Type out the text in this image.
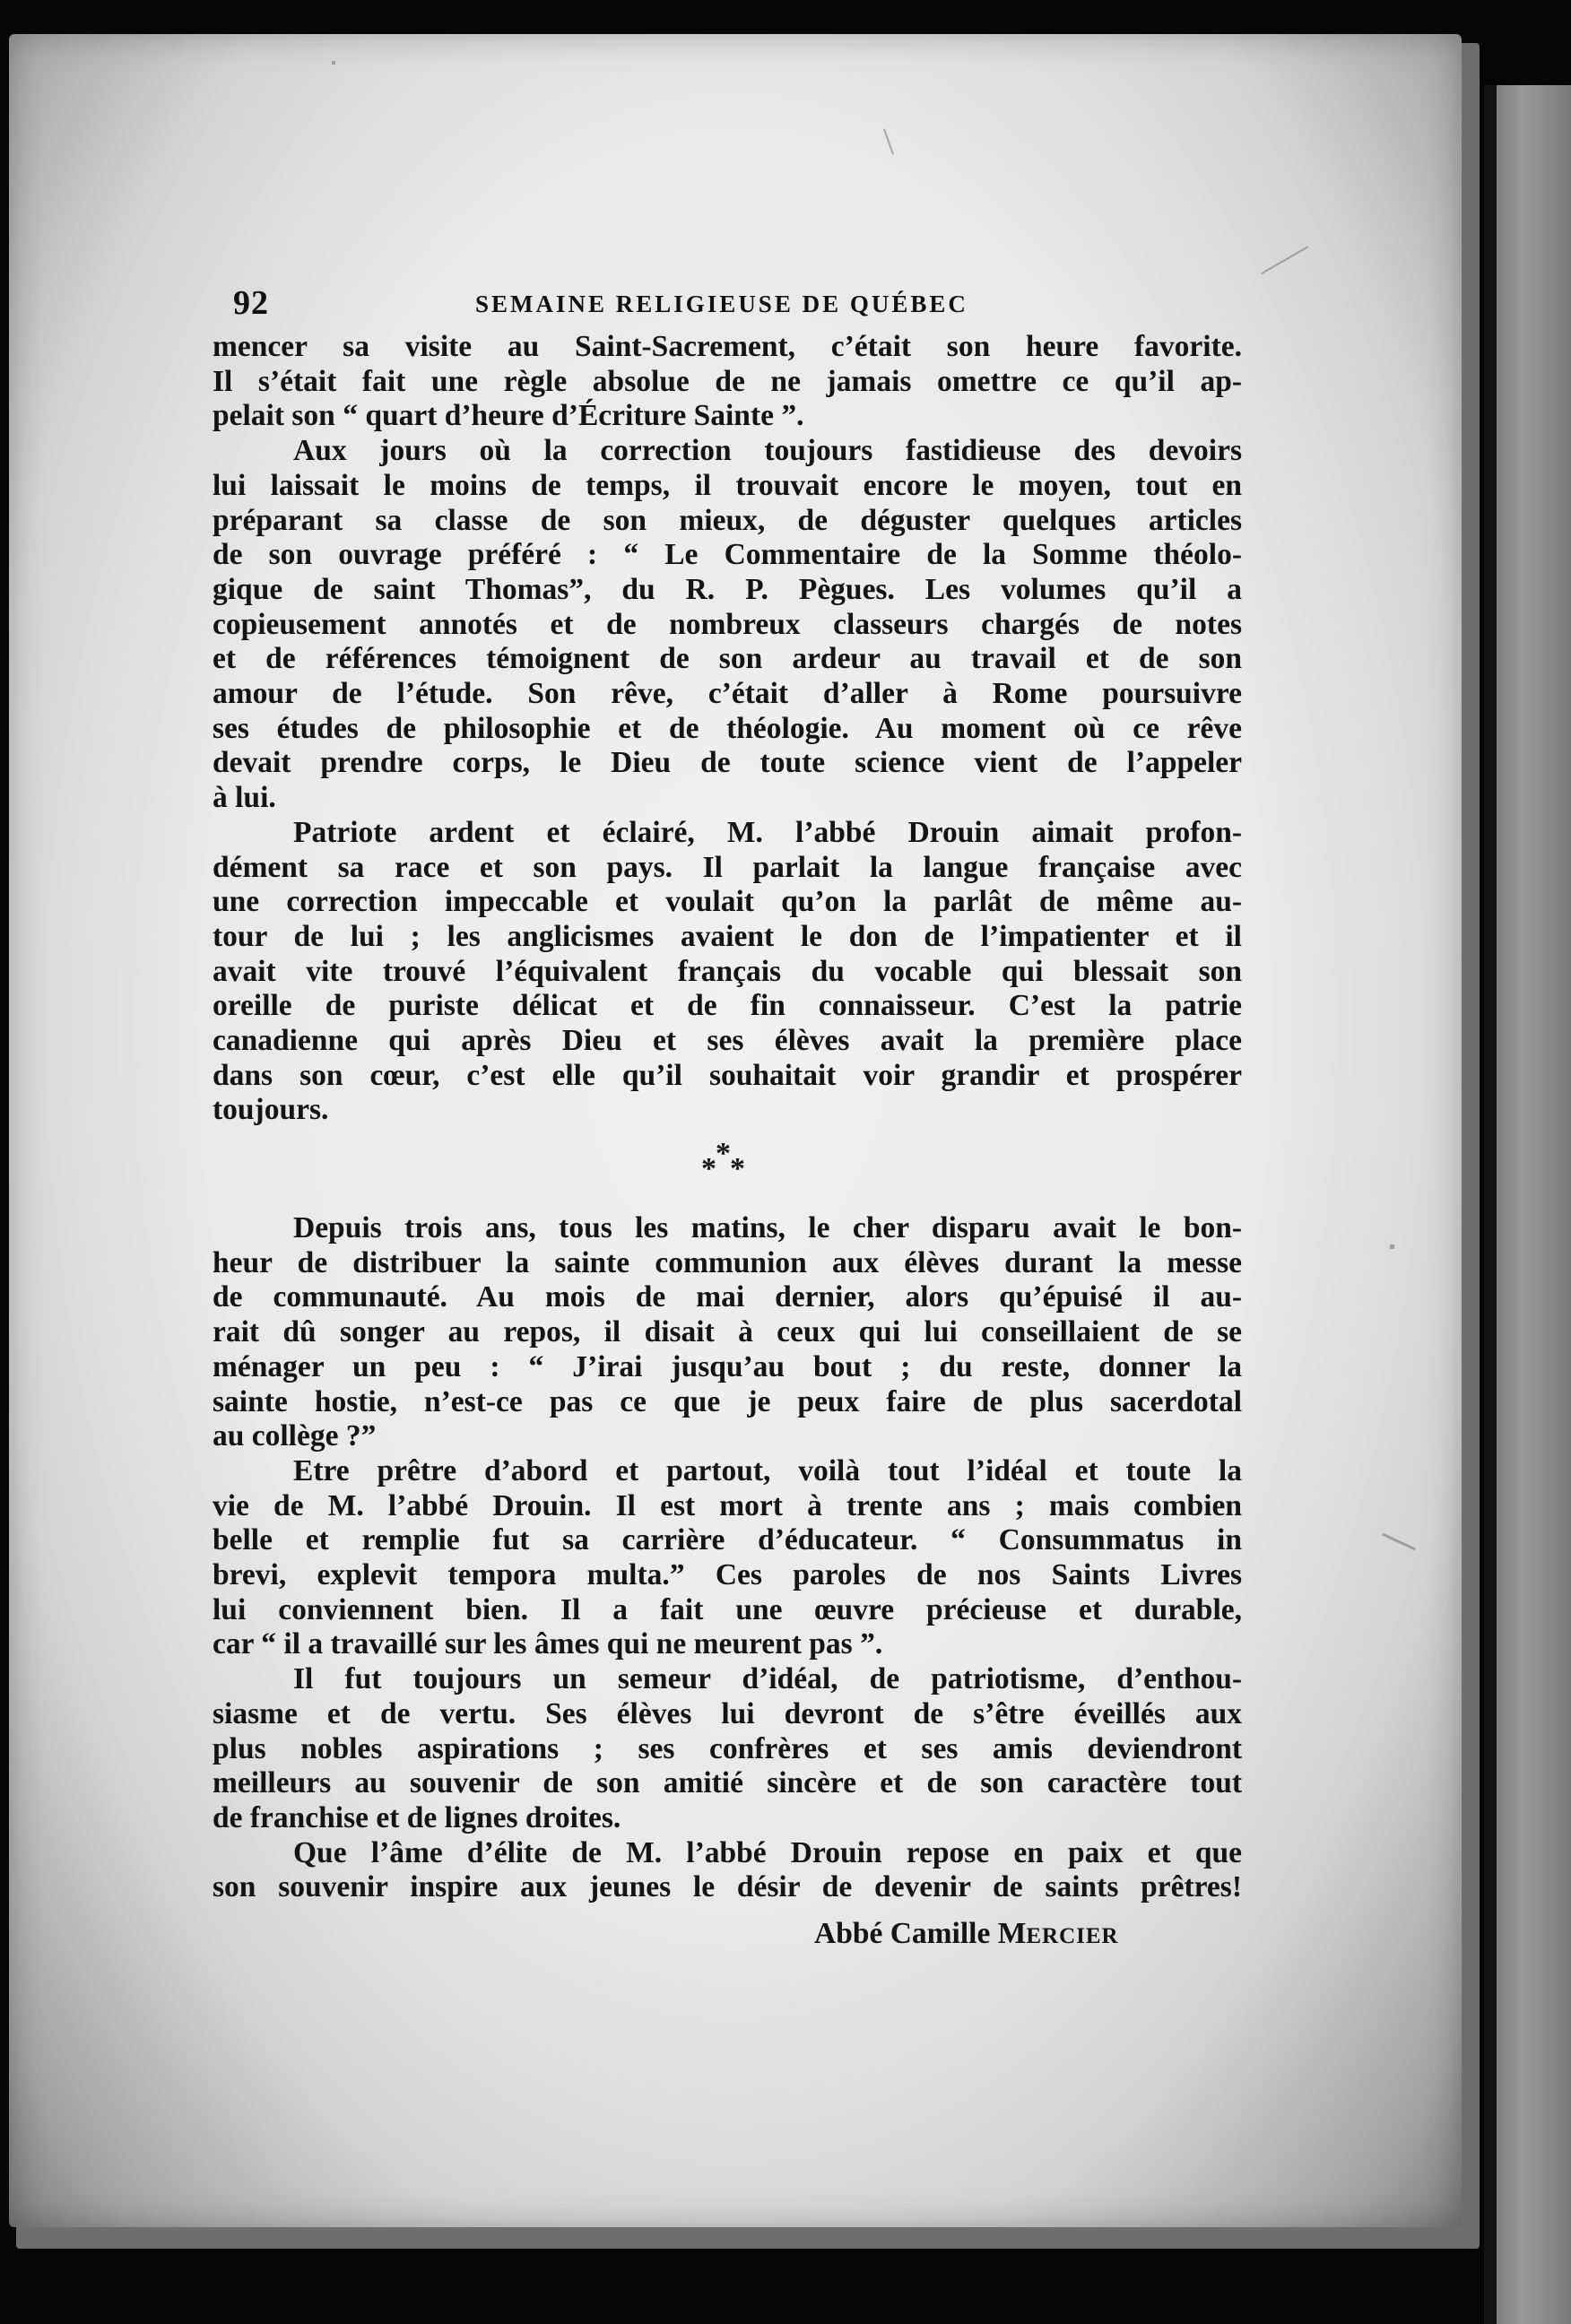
92	SEMAINE RELIGIEUSE DE QUÉBEC
mencer sa visite au Saint-Sacrement, c’était son heure favorite.
Il s’était fait une règle absolue de ne jamais omettre ce qu’il ap-
pelait son “ quart d’heure d’Écriture Sainte ”.
Aux jours où la correction toujours fastidieuse des devoirs
lui laissait le moins de temps, il trouvait encore le moyen, tout en
préparant sa classe de son mieux, de déguster quelques articles
de son ouvrage préféré : “ Le Commentaire de la Somme théolo-
gique de saint Thomas”, du R. P. Pègues. Les volumes qu’il a
copieusement annotés et de nombreux classeurs chargés de notes
et de références témoignent de son ardeur au travail et de son
amour de l’étude. Son rêve, c’était d’aller à Rome poursuivre
ses études de philosophie et de théologie. Au moment où ce rêve
devait prendre corps, le Dieu de toute science vient de l’appeler
à lui.
Patriote ardent et éclairé, M. l’abbé Drouin aimait profon-
dément sa race et son pays. Il parlait la langue française avec
une correction impeccable et voulait qu’on la parlât de même au-
tour de lui ; les anglicismes avaient le don de l’impatienter et il
avait vite trouvé l’équivalent français du vocable qui blessait son
oreille de puriste délicat et de fin connaisseur. C’est la patrie
canadienne qui après Dieu et ses élèves avait la première place
dans son cœur, c’est elle qu’il souhaitait voir grandir et prospérer
toujours.
*
* *
Depuis trois ans, tous les matins, le cher disparu avait le bon-
heur de distribuer la sainte communion aux élèves durant la messe
de communauté. Au mois de mai dernier, alors qu’épuisé il au-
rait dû songer au repos, il disait à ceux qui lui conseillaient de se
ménager un peu : “ J’irai jusqu’au bout ; du reste, donner la
sainte hostie, n’est-ce pas ce que je peux faire de plus sacerdotal
au collège ?”
Etre prêtre d’abord et partout, voilà tout l’idéal et toute la
vie de M. l’abbé Drouin. Il est mort à trente ans ; mais combien
belle et remplie fut sa carrière d’éducateur. “ Consummatus in
brevi, explevit tempora multa.” Ces paroles de nos Saints Livres
lui conviennent bien. Il a fait une œuvre précieuse et durable,
car “ il a travaillé sur les âmes qui ne meurent pas ”.
Il fut toujours un semeur d’idéal, de patriotisme, d’enthou-
siasme et de vertu. Ses élèves lui devront de s’être éveillés aux
plus nobles aspirations ; ses confrères et ses amis deviendront
meilleurs au souvenir de son amitié sincère et de son caractère tout
de franchise et de lignes droites.
Que l’âme d’élite de M. l’abbé Drouin repose en paix et que
son souvenir inspire aux jeunes le désir de devenir de saints prêtres!
Abbé Camille MERCIER
